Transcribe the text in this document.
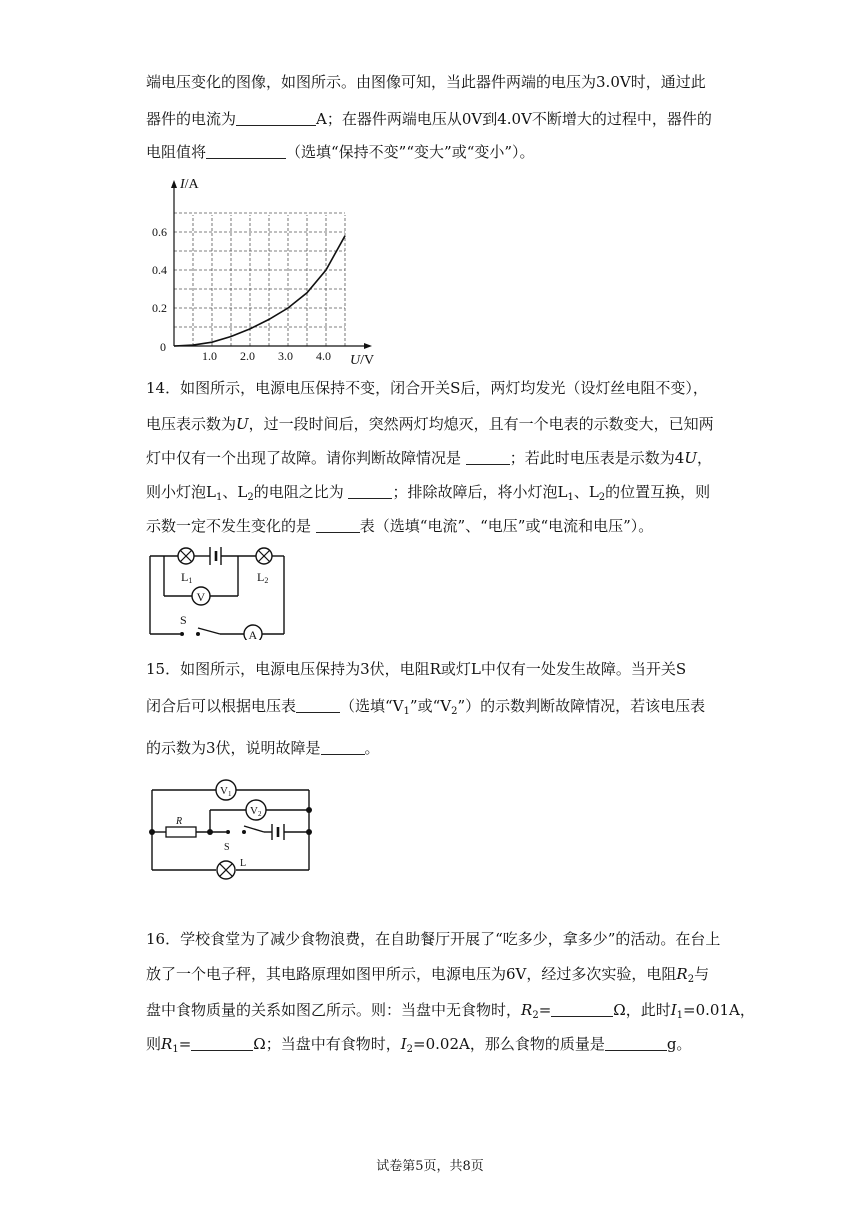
端电压变化的图像，如图所示。由图像可知，当此器件两端的电压为3.0V时，通过此
器件的电流为	A；在器件两端电压从0V到4.0V不断增大的过程中，器件的
电阻值将	（选填“保持不变”“变大”或“变小”）。
I/A
U/V
0
0.2
0.4
0.6
1.0 2.0 3.0 4.0
14．如图所示，电源电压保持不变，闭合开关S后，两灯均发光（设灯丝电阻不变），
电压表示数为U，过一段时间后，突然两灯均熄灭，且有一个电表的示数变大，已知两
灯中仅有一个出现了故障。请你判断故障情况是	；若此时电压表是示数为4U，
则小灯泡$L_1$、$L_2$的电阻之比为	；排除故障后，将小灯泡$L_1$、$L_2$的位置互换，则
示数一定不发生变化的是	表（选填“电流”、“电压”或“电流和电压”）。
L1	L2
V
S
A
15．如图所示，电源电压保持为3伏，电阻R或灯L中仅有一处发生故障。当开关S
闭合后可以根据电压表	（选填“$V_1$”或“$V_2$”）的示数判断故障情况，若该电压表
的示数为3伏，说明故障是	。
V1
V2
R
S
L
16．学校食堂为了减少食物浪费，在自助餐厅开展了“吃多少，拿多少”的活动。在台上
放了一个电子秤，其电路原理如图甲所示，电源电压为6V，经过多次实验，电阻$R_2$与
盘中食物质量的关系如图乙所示。则：当盘中无食物时，$R_2=$	Ω，此时$I_1=0.01A$，
则$R_1=$	Ω；当盘中有食物时，$I_2=0.02A$，那么食物的质量是	g。
试卷第5页，共8页
